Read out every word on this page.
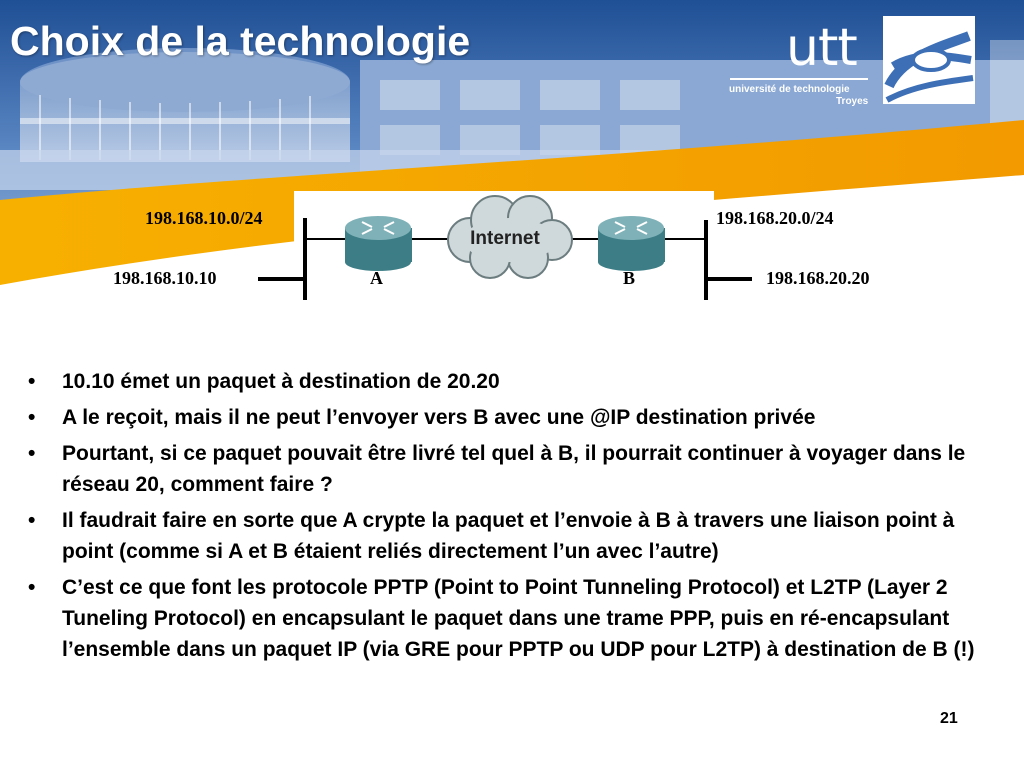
Choix de la technologie	utt
université de technologie
Troyes
Internet
198.168.10.0/24	198.168.20.0/24
198.168.10.10	198.168.20.20
A	B
• 10.10 émet un paquet à destination de 20.20
• A le reçoit, mais il ne peut l’envoyer vers B avec une @IP destination privée
• Pourtant, si ce paquet pouvait être livré tel quel à B, il pourrait continuer à voyager dans le réseau 20, comment faire ?
• Il faudrait faire en sorte que A crypte la paquet et l’envoie à B à travers une liaison point à point (comme si A et B étaient reliés directement l’un avec l’autre)
• C’est ce que font les protocole PPTP (Point to Point Tunneling Protocol) et L2TP (Layer 2 Tuneling Protocol) en encapsulant le paquet dans une trame PPP, puis en ré-encapsulant l’ensemble dans un paquet IP (via GRE pour PPTP ou UDP pour L2TP) à destination de B (!)
21
